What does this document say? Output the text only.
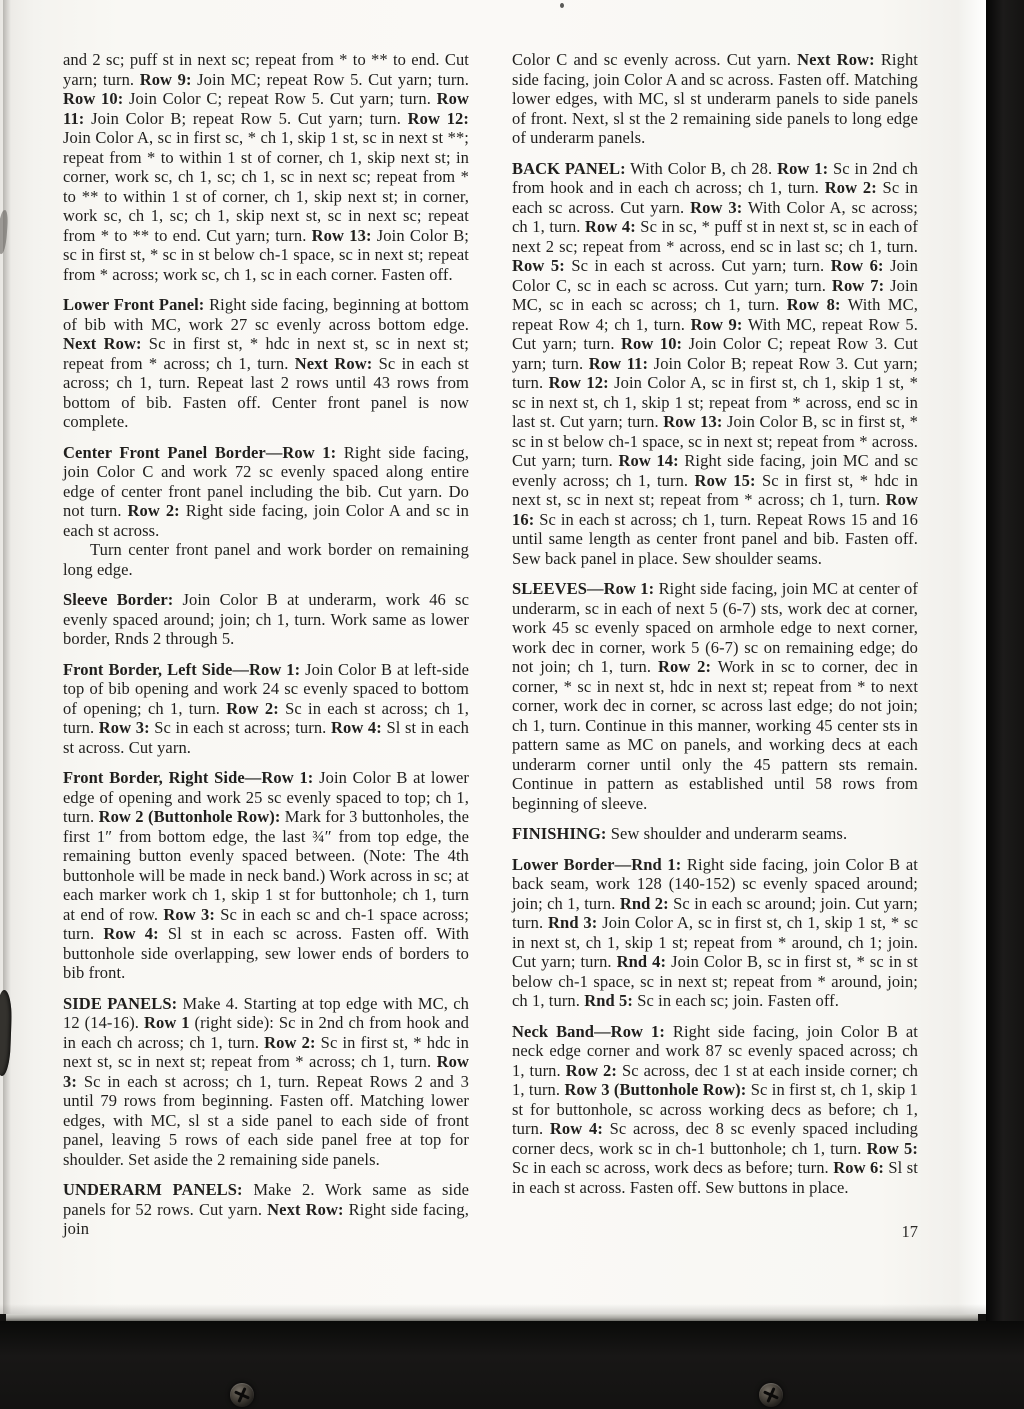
and 2 sc; puff st in next sc; repeat from * to ** to end. Cut yarn; turn. Row 9: Join MC; repeat Row 5. Cut yarn; turn. Row 10: Join Color C; repeat Row 5. Cut yarn; turn. Row 11: Join Color B; repeat Row 5. Cut yarn; turn. Row 12: Join Color A, sc in first sc, * ch 1, skip 1 st, sc in next st **; repeat from * to within 1 st of corner, ch 1, skip next st; in corner, work sc, ch 1, sc; ch 1, sc in next sc; repeat from * to ** to within 1 st of corner, ch 1, skip next st; in corner, work sc, ch 1, sc; ch 1, skip next st, sc in next sc; repeat from * to ** to end. Cut yarn; turn. Row 13: Join Color B; sc in first st, * sc in st below ch-1 space, sc in next st; repeat from * across; work sc, ch 1, sc in each corner. Fasten off.

Lower Front Panel: Right side facing, beginning at bottom of bib with MC, work 27 sc evenly across bottom edge. Next Row: Sc in first st, * hdc in next st, sc in next st; repeat from * across; ch 1, turn. Next Row: Sc in each st across; ch 1, turn. Repeat last 2 rows until 43 rows from bottom of bib. Fasten off. Center front panel is now complete.

Center Front Panel Border—Row 1: Right side facing, join Color C and work 72 sc evenly spaced along entire edge of center front panel including the bib. Cut yarn. Do not turn. Row 2: Right side facing, join Color A and sc in each st across.

Turn center front panel and work border on remaining long edge.

Sleeve Border: Join Color B at underarm, work 46 sc evenly spaced around; join; ch 1, turn. Work same as lower border, Rnds 2 through 5.

Front Border, Left Side—Row 1: Join Color B at left-side top of bib opening and work 24 sc evenly spaced to bottom of opening; ch 1, turn. Row 2: Sc in each st across; ch 1, turn. Row 3: Sc in each st across; turn. Row 4: Sl st in each st across. Cut yarn.

Front Border, Right Side—Row 1: Join Color B at lower edge of opening and work 25 sc evenly spaced to top; ch 1, turn. Row 2 (Buttonhole Row): Mark for 3 buttonholes, the first 1″ from bottom edge, the last ¾″ from top edge, the remaining button evenly spaced between. (Note: The 4th buttonhole will be made in neck band.) Work across in sc; at each marker work ch 1, skip 1 st for buttonhole; ch 1, turn at end of row. Row 3: Sc in each sc and ch-1 space across; turn. Row 4: Sl st in each sc across. Fasten off. With buttonhole side overlapping, sew lower ends of borders to bib front.

SIDE PANELS: Make 4. Starting at top edge with MC, ch 12 (14-16). Row 1 (right side): Sc in 2nd ch from hook and in each ch across; ch 1, turn. Row 2: Sc in first st, * hdc in next st, sc in next st; repeat from * across; ch 1, turn. Row 3: Sc in each st across; ch 1, turn. Repeat Rows 2 and 3 until 79 rows from beginning. Fasten off. Matching lower edges, with MC, sl st a side panel to each side of front panel, leaving 5 rows of each side panel free at top for shoulder. Set aside the 2 remaining side panels.

UNDERARM PANELS: Make 2. Work same as side panels for 52 rows. Cut yarn. Next Row: Right side facing, join

Color C and sc evenly across. Cut yarn. Next Row: Right side facing, join Color A and sc across. Fasten off. Matching lower edges, with MC, sl st underarm panels to side panels of front. Next, sl st the 2 remaining side panels to long edge of underarm panels.

BACK PANEL: With Color B, ch 28. Row 1: Sc in 2nd ch from hook and in each ch across; ch 1, turn. Row 2: Sc in each sc across. Cut yarn. Row 3: With Color A, sc across; ch 1, turn. Row 4: Sc in sc, * puff st in next st, sc in each of next 2 sc; repeat from * across, end sc in last sc; ch 1, turn. Row 5: Sc in each st across. Cut yarn; turn. Row 6: Join Color C, sc in each sc across. Cut yarn; turn. Row 7: Join MC, sc in each sc across; ch 1, turn. Row 8: With MC, repeat Row 4; ch 1, turn. Row 9: With MC, repeat Row 5. Cut yarn; turn. Row 10: Join Color C; repeat Row 3. Cut yarn; turn. Row 11: Join Color B; repeat Row 3. Cut yarn; turn. Row 12: Join Color A, sc in first st, ch 1, skip 1 st, * sc in next st, ch 1, skip 1 st; repeat from * across, end sc in last st. Cut yarn; turn. Row 13: Join Color B, sc in first st, * sc in st below ch-1 space, sc in next st; repeat from * across. Cut yarn; turn. Row 14: Right side facing, join MC and sc evenly across; ch 1, turn. Row 15: Sc in first st, * hdc in next st, sc in next st; repeat from * across; ch 1, turn. Row 16: Sc in each st across; ch 1, turn. Repeat Rows 15 and 16 until same length as center front panel and bib. Fasten off. Sew back panel in place. Sew shoulder seams.

SLEEVES—Row 1: Right side facing, join MC at center of underarm, sc in each of next 5 (6-7) sts, work dec at corner, work 45 sc evenly spaced on armhole edge to next corner, work dec in corner, work 5 (6-7) sc on remaining edge; do not join; ch 1, turn. Row 2: Work in sc to corner, dec in corner, * sc in next st, hdc in next st; repeat from * to next corner, work dec in corner, sc across last edge; do not join; ch 1, turn. Continue in this manner, working 45 center sts in pattern same as MC on panels, and working decs at each underarm corner until only the 45 pattern sts remain. Continue in pattern as established until 58 rows from beginning of sleeve.

FINISHING: Sew shoulder and underarm seams.

Lower Border—Rnd 1: Right side facing, join Color B at back seam, work 128 (140-152) sc evenly spaced around; join; ch 1, turn. Rnd 2: Sc in each sc around; join. Cut yarn; turn. Rnd 3: Join Color A, sc in first st, ch 1, skip 1 st, * sc in next st, ch 1, skip 1 st; repeat from * around, ch 1; join. Cut yarn; turn. Rnd 4: Join Color B, sc in first st, * sc in st below ch-1 space, sc in next st; repeat from * around, join; ch 1, turn. Rnd 5: Sc in each sc; join. Fasten off.

Neck Band—Row 1: Right side facing, join Color B at neck edge corner and work 87 sc evenly spaced across; ch 1, turn. Row 2: Sc across, dec 1 st at each inside corner; ch 1, turn. Row 3 (Buttonhole Row): Sc in first st, ch 1, skip 1 st for buttonhole, sc across working decs as before; ch 1, turn. Row 4: Sc across, dec 8 sc evenly spaced including corner decs, work sc in ch-1 buttonhole; ch 1, turn. Row 5: Sc in each sc across, work decs as before; turn. Row 6: Sl st in each st across. Fasten off. Sew buttons in place.

17
